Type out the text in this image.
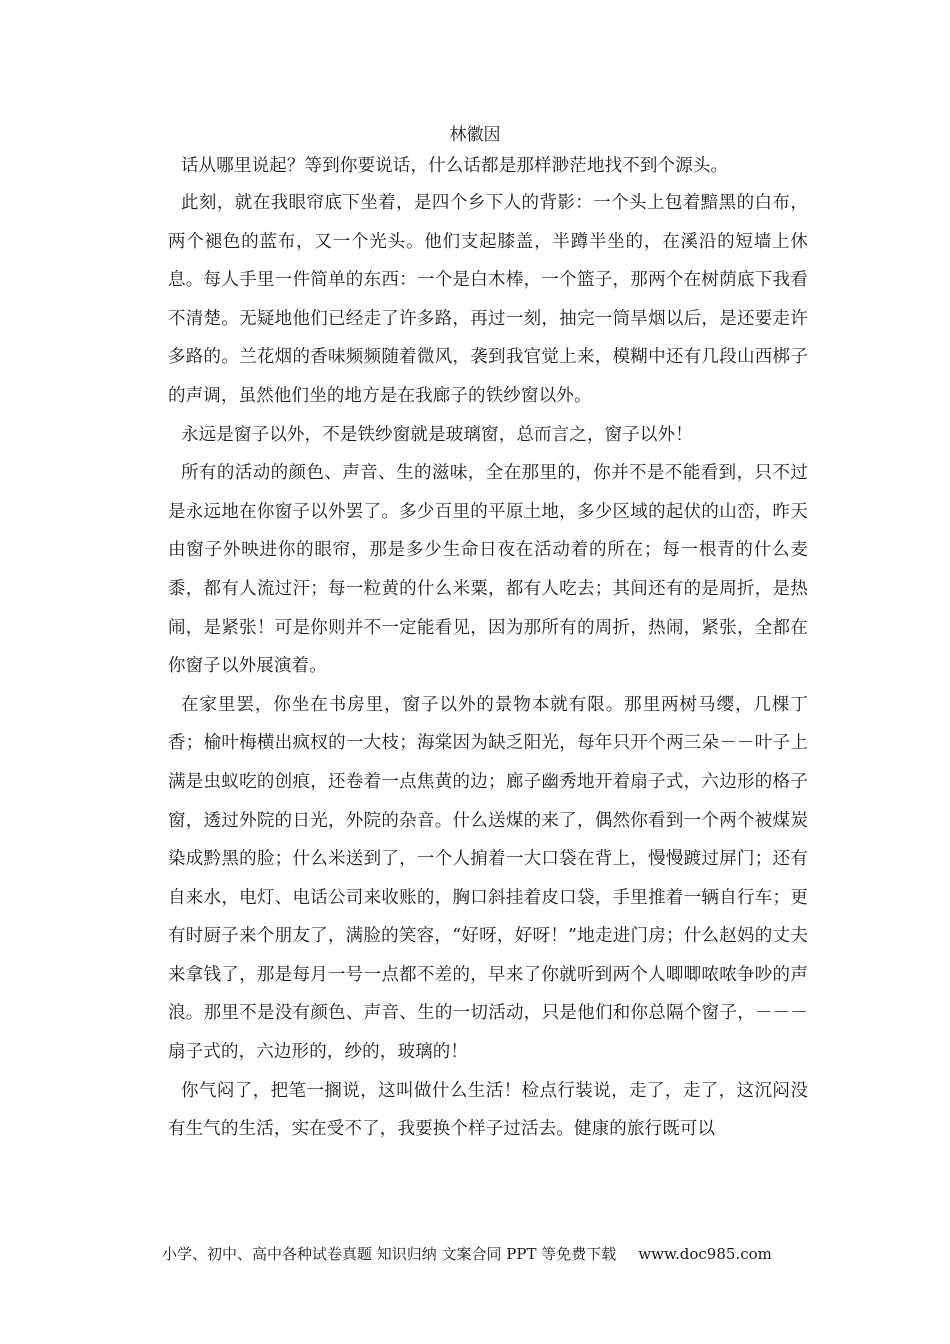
林徽因

话从哪里说起？等到你要说话，什么话都是那样渺茫地找不到个源头。

此刻，就在我眼帘底下坐着，是四个乡下人的背影：一个头上包着黯黑的白布，两个褪色的蓝布，又一个光头。他们支起膝盖，半蹲半坐的，在溪沿的短墙上休息。每人手里一件简单的东西：一个是白木棒，一个篮子，那两个在树荫底下我看不清楚。无疑地他们已经走了许多路，再过一刻，抽完一筒旱烟以后，是还要走许多路的。兰花烟的香味频频随着微风，袭到我官觉上来，模糊中还有几段山西梆子的声调，虽然他们坐的地方是在我廊子的铁纱窗以外。

永远是窗子以外，不是铁纱窗就是玻璃窗，总而言之，窗子以外！

所有的活动的颜色、声音、生的滋味，全在那里的，你并不是不能看到，只不过是永远地在你窗子以外罢了。多少百里的平原土地，多少区域的起伏的山峦，昨天由窗子外映进你的眼帘，那是多少生命日夜在活动着的所在；每一根青的什么麦黍，都有人流过汗；每一粒黄的什么米粟，都有人吃去；其间还有的是周折，是热闹，是紧张！可是你则并不一定能看见，因为那所有的周折，热闹，紧张，全都在你窗子以外展演着。

在家里罢，你坐在书房里，窗子以外的景物本就有限。那里两树马缨，几棵丁香；榆叶梅横出疯杈的一大枝；海棠因为缺乏阳光，每年只开个两三朵－－叶子上满是虫蚁吃的创痕，还卷着一点焦黄的边；廊子幽秀地开着扇子式，六边形的格子窗，透过外院的日光，外院的杂音。什么送煤的来了，偶然你看到一个两个被煤炭染成黔黑的脸；什么米送到了，一个人掮着一大口袋在背上，慢慢踱过屏门；还有自来水，电灯、电话公司来收账的，胸口斜挂着皮口袋，手里推着一辆自行车；更有时厨子来个朋友了，满脸的笑容，“好呀，好呀！”地走进门房；什么赵妈的丈夫来拿钱了，那是每月一号一点都不差的，早来了你就听到两个人唧唧哝哝争吵的声浪。那里不是没有颜色、声音、生的一切活动，只是他们和你总隔个窗子，－－－扇子式的，六边形的，纱的，玻璃的！

你气闷了，把笔一搁说，这叫做什么生活！检点行装说，走了，走了，这沉闷没有生气的生活，实在受不了，我要换个样子过活去。健康的旅行既可以

小学、初中、高中各种试卷真题 知识归纳 文案合同 PPT 等免费下载 www.doc985.com
